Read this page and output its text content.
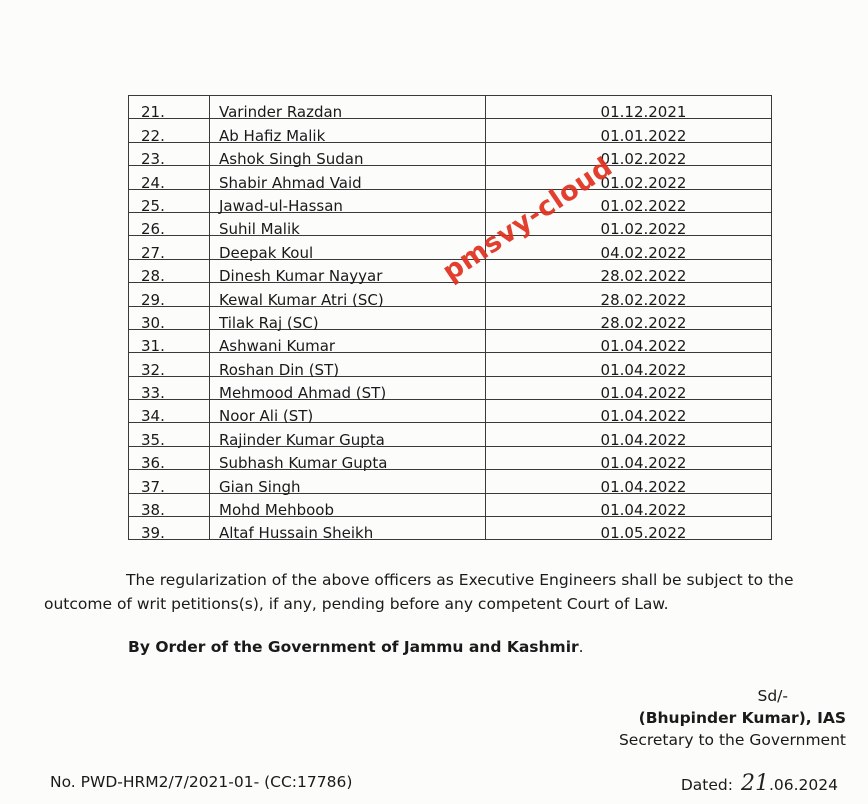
21.	Varinder Razdan	01.12.2021
22.	Ab Hafiz Malik	01.01.2022
23.	Ashok Singh Sudan	01.02.2022
24.	Shabir Ahmad Vaid	01.02.2022
25.	Jawad-ul-Hassan	01.02.2022
26.	Suhil Malik	01.02.2022
27.	Deepak Koul	04.02.2022
28.	Dinesh Kumar Nayyar	28.02.2022
29.	Kewal Kumar Atri (SC)	28.02.2022
30.	Tilak Raj (SC)	28.02.2022
31.	Ashwani Kumar	01.04.2022
32.	Roshan Din (ST)	01.04.2022
33.	Mehmood Ahmad (ST)	01.04.2022
34.	Noor Ali (ST)	01.04.2022
35.	Rajinder Kumar Gupta	01.04.2022
36.	Subhash Kumar Gupta	01.04.2022
37.	Gian Singh	01.04.2022
38.	Mohd Mehboob	01.04.2022
39.	Altaf Hussain Sheikh	01.05.2022
pmsvy-cloud
The regularization of the above officers as Executive Engineers shall be subject to the
outcome of writ petitions(s), if any, pending before any competent Court of Law.
By Order of the Government of Jammu and Kashmir.
Sd/-
(Bhupinder Kumar), IAS
Secretary to the Government
No. PWD-HRM2/7/2021-01- (CC:17786)	Dated: 21.06.2024
